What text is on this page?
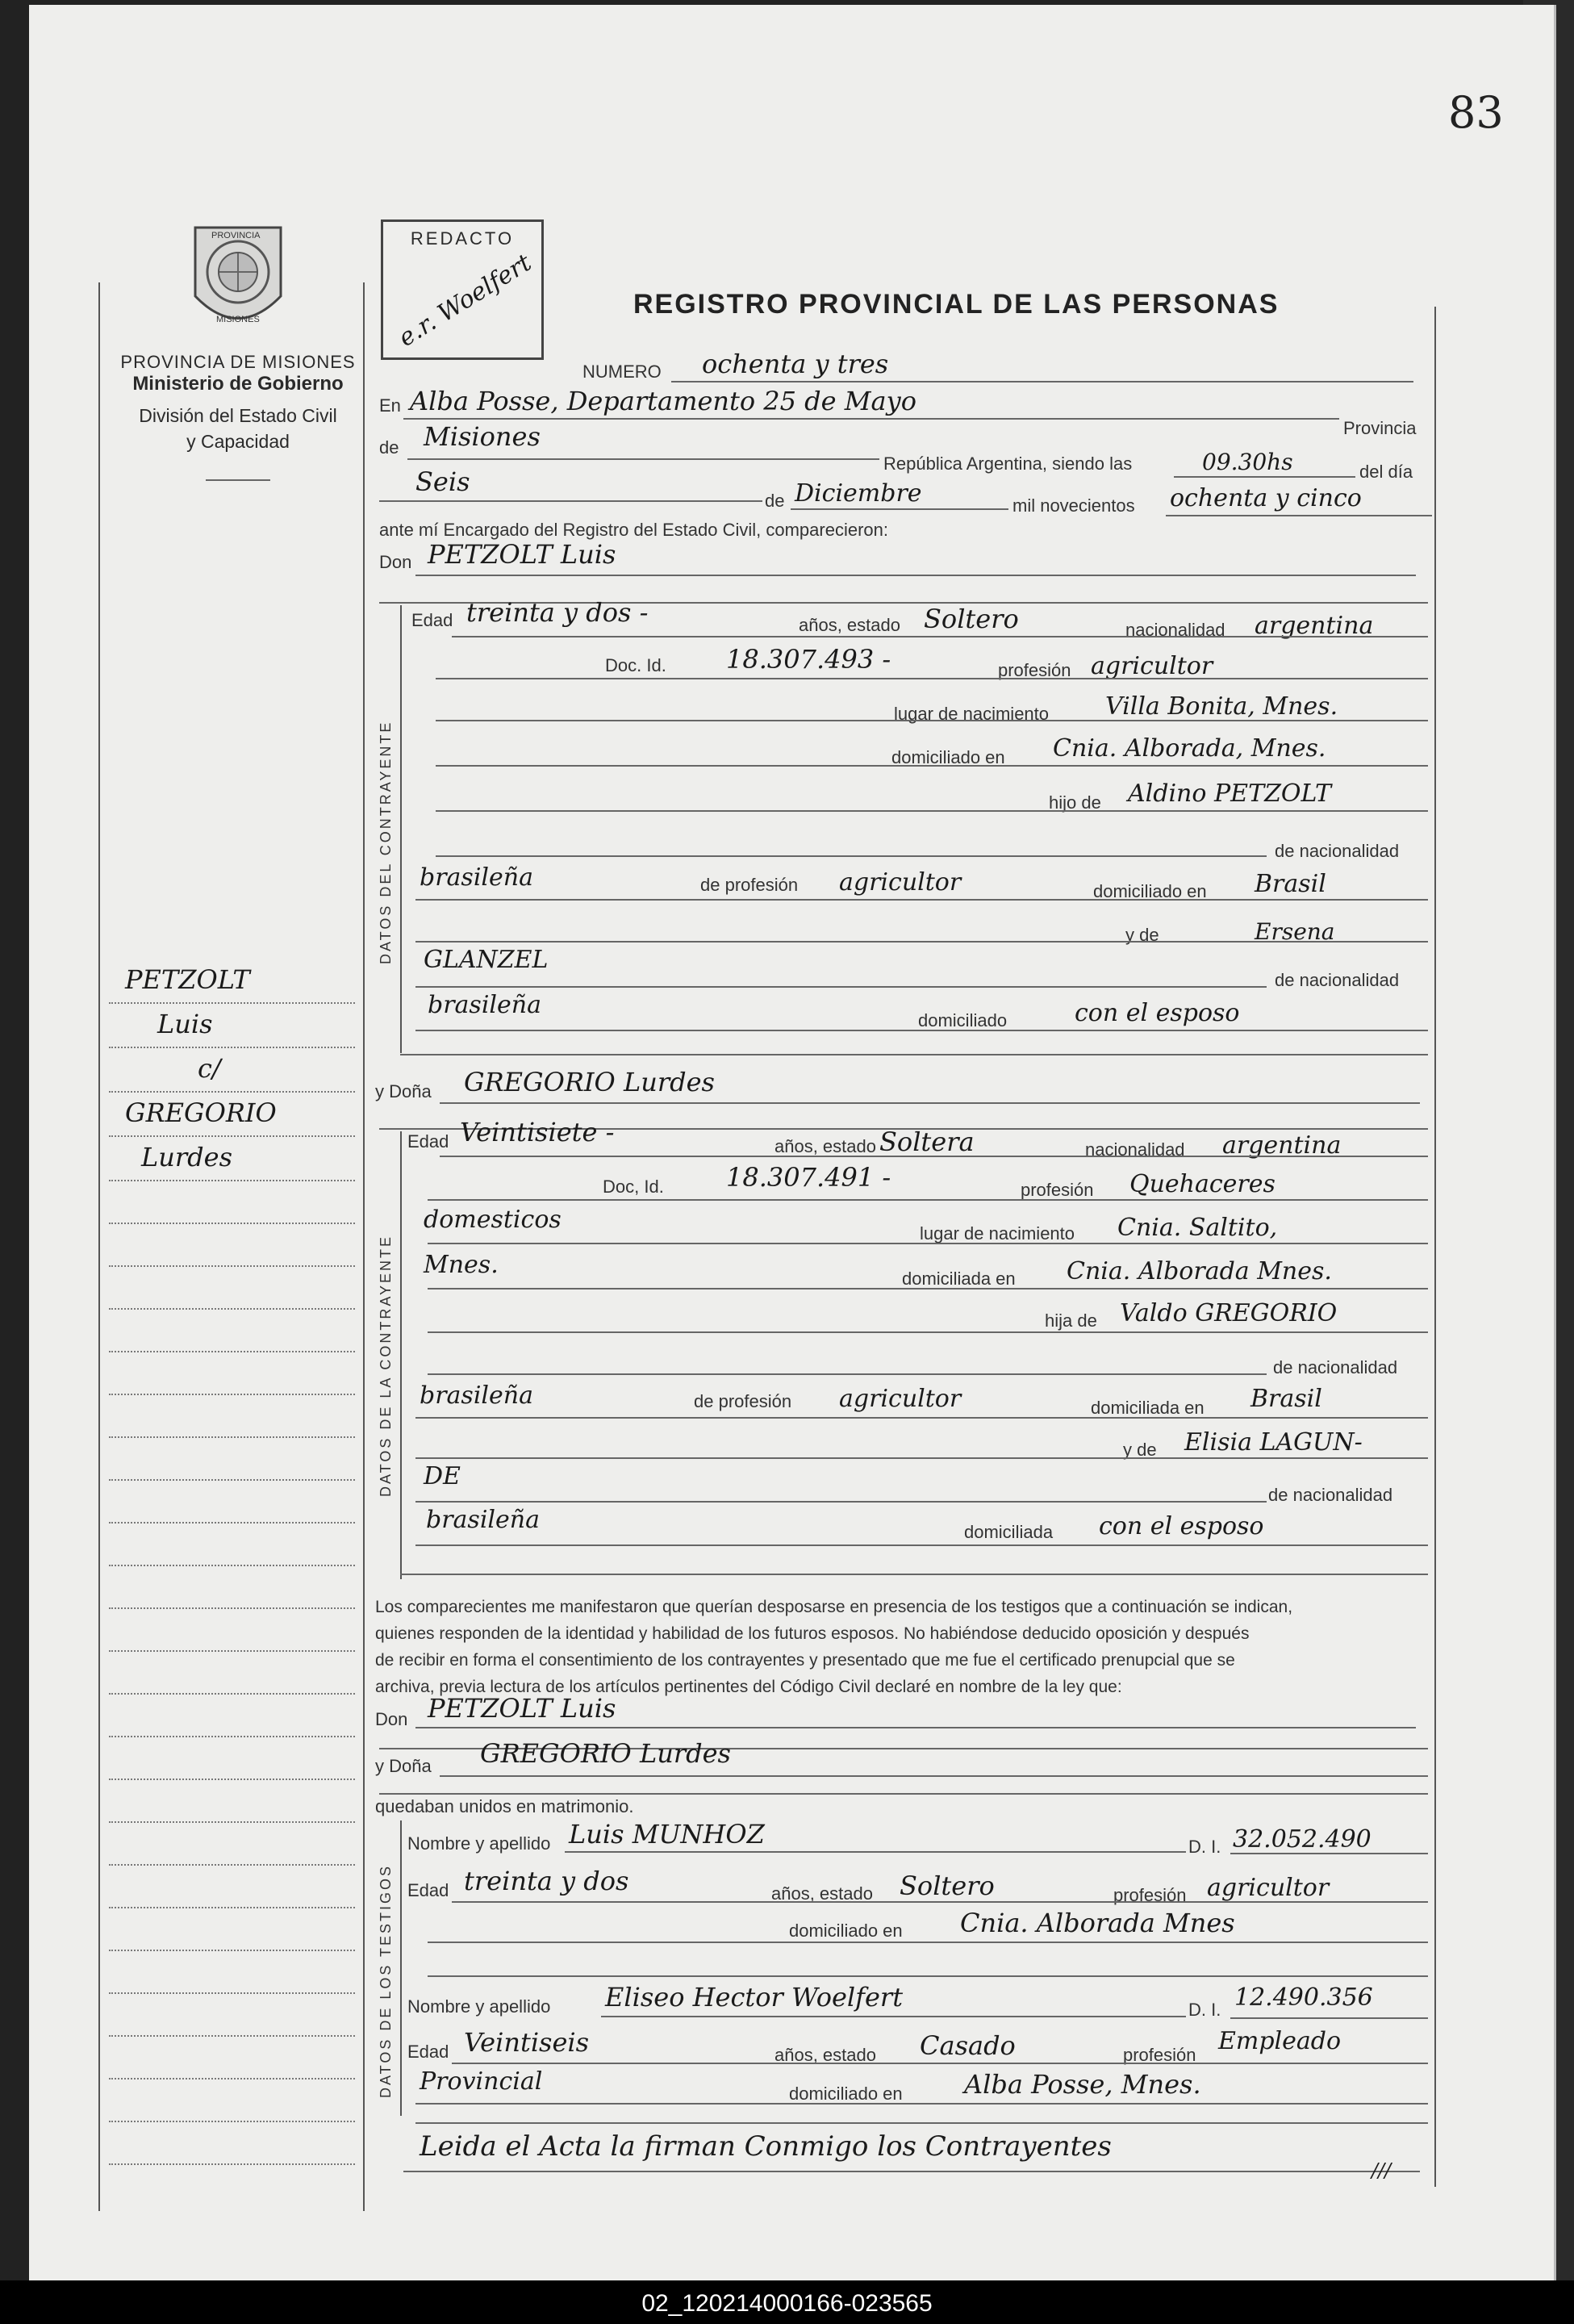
83
PROVINCIA
MISIONES
PROVINCIA DE MISIONES
Ministerio de Gobierno
División del Estado Civil
y Capacidad
PETZOLT
Luis
c/
GREGORIO
Lurdes
REDACTO
e.r. Woelfert	REGISTRO PROVINCIAL DE LAS PERSONAS
NUMERO ochenta y tres
En Alba Posse, Departamento 25 de Mayo
Provincia
de Misiones
República Argentina, siendo las	09.30hs	del día
Seis
de Diciembre	mil novecientos ochenta y cinco
ante mí Encargado del Registro del Estado Civil, comparecieron:
Don PETZOLT Luis
DATOS DEL CONTRAYENTE
Edad treinta y dos -	años, estado Soltero	nacionalidad argentina
Doc. Id. 18.307.493 -	profesión agricultor
lugar de nacimiento Villa Bonita, Mnes.
domiciliado en Cnia. Alborada, Mnes.
hijo de Aldino PETZOLT
de nacionalidad
brasileña	de profesión agricultor	domiciliado en Brasil
y de	Ersena
GLANZEL
de nacionalidad
brasileña
domiciliado	con el esposo
y Doña GREGORIO Lurdes
DATOS DE LA CONTRAYENTE
Edad Veintisiete -	años, estado Soltera	nacionalidad argentina
Doc, Id. 18.307.491 -	profesión Quehaceres
domesticos	lugar de nacimiento Cnia. Saltito,
Mnes.	domiciliada en Cnia. Alborada Mnes.
hija de Valdo GREGORIO
de nacionalidad
brasileña	de profesión agricultor	domiciliada en Brasil
y de Elisia LAGUN-
DE
de nacionalidad
brasileña	domiciliada con el esposo
Los comparecientes me manifestaron que querían desposarse en presencia de los testigos que a continuación se indican,
quienes responden de la identidad y habilidad de los futuros esposos. No habiéndose deducido oposición y después
de recibir en forma el consentimiento de los contrayentes y presentado que me fue el certificado prenupcial que se
archiva, previa lectura de los artículos pertinentes del Código Civil declaré en nombre de la ley que:
Don PETZOLT Luis
y Doña GREGORIO Lurdes
quedaban unidos en matrimonio.
DATOS DE LOS TESTIGOS
Nombre y apellido Luis MUNHOZ	D. I. 32.052.490
Edad treinta y dos	años, estado Soltero	profesión agricultor
domiciliado en Cnia. Alborada Mnes
Nombre y apellido Eliseo Hector Woelfert	D. I. 12.490.356
Edad Veintiseis	años, estado Casado	profesión Empleado
Provincial	domiciliado en Alba Posse, Mnes.
Leida el Acta la firman Conmigo los Contrayentes
///
02_120214000166-023565
